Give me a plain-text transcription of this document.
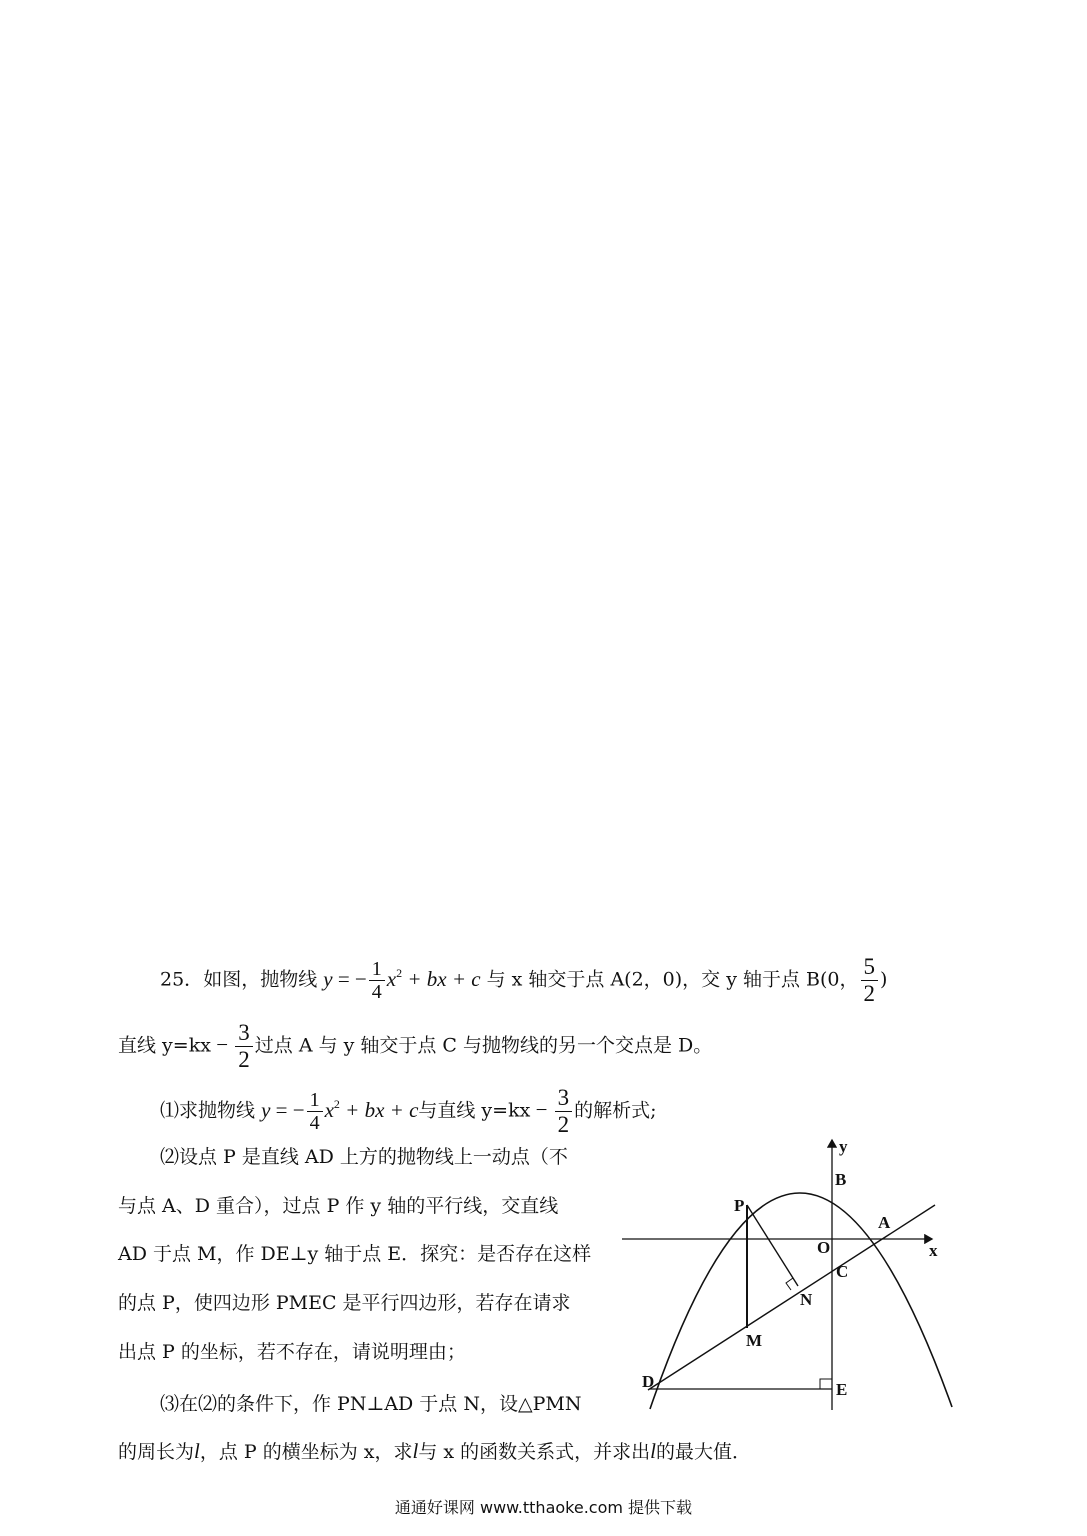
25．如图，抛物线 y = − $\frac{1}{4} x^2$ + bx + c 与 x 轴交于点 A(2，0)，交 y 轴于点 B(0， $\frac{5}{2}$ )
直线 $y=kx - \frac{3}{2}$ 过点 A 与 y 轴交于点 C 与抛物线的另一个交点是 D。
⑴求抛物线 y = − $\frac{1}{4} x^2$ + bx + c与直线 $y=kx - \frac{3}{2}$ 的解析式;
⑵设点 P 是直线 AD 上方的抛物线上一动点（不
与点 A、D 重合），过点 P 作 y 轴的平行线，交直线
AD 于点 M，作 DE⊥y 轴于点 E．探究：是否存在这样
的点 P，使四边形 PMEC 是平行四边形，若存在请求
出点 P 的坐标，若不存在，请说明理由；
⑶在⑵的条件下，作 PN⊥AD 于点 N，设△PMN
的周长为l，点 P 的横坐标为 x，求l与 x 的函数关系式，并求出l的最大值．
y
B
A
x
O
C
P
N
M
D	E
通通好课网 www.tthaoke.com 提供下载
